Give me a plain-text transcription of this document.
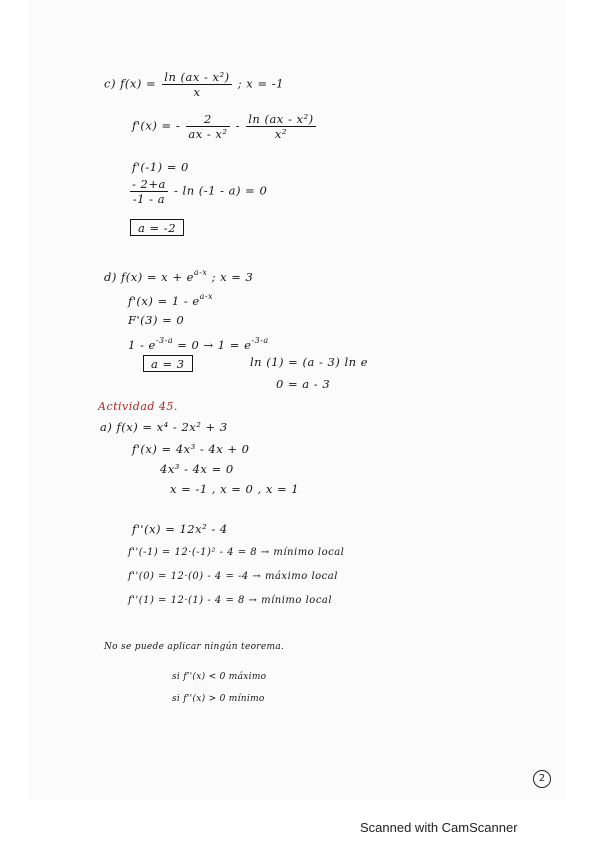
c) $f(x) = \frac{\text{ln (ax - x²)}}{x}$ ; x = -1
f'(x) = - $\frac{2}{\text{ax - x²}} - \frac{\text{ln (ax - x²)}}{\text{x²}}$
f'(-1) = 0
$\frac{- 2+a}{-1 - a} - \ln (-1 - a) = 0$
a = -2
d) $f(x) = x + e^{a-x}$ ; x = 3
$f'(x) = 1 - e^{a-x}$
F'(3) = 0
$1 - e^{-3-a} = 0 \to 1 = e^{-3-a}$
a = 3	ln (1) = (a - 3) ln e
0 = a - 3
Actividad 45.
a) f(x) = x⁴ - 2x² + 3
f'(x) = 4x³ - 4x + 0
4x³ - 4x = 0
x = -1 , x = 0 , x = 1
f''(x) = 12x² - 4
f''(-1) = 12·(-1)² - 4 = 8 → mínimo local
f''(0) = 12·(0) - 4 = -4 → máximo local
f''(1) = 12·(1) - 4 = 8 → mínimo local
No se puede aplicar ningún teorema.
si f''(x) < 0 máximo
si f''(x) > 0 mínimo
2
Scanned with CamScanner
